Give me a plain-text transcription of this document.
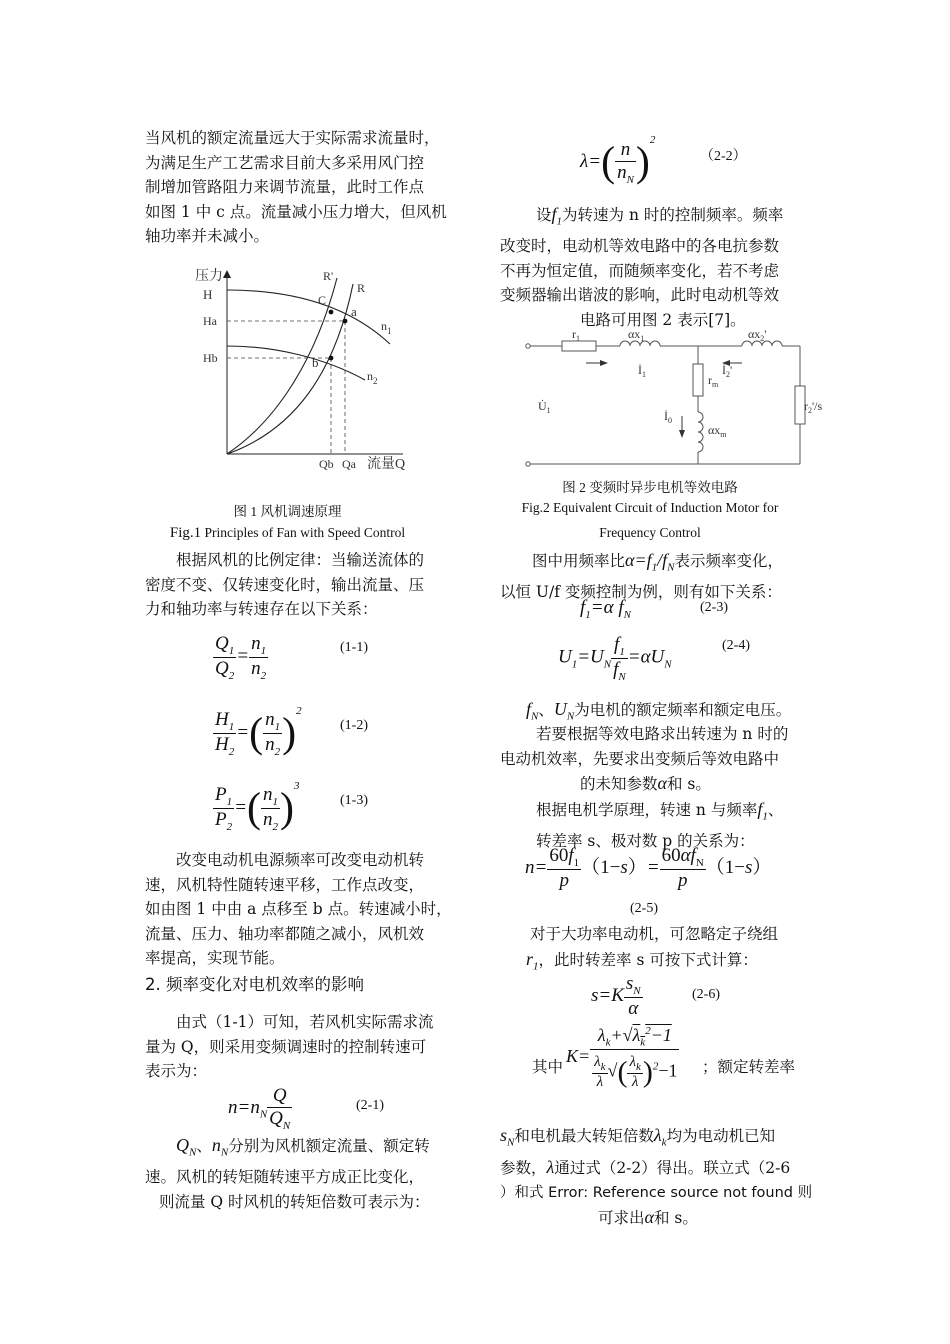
当风机的额定流量远大于实际需求流量时，
为满足生产工艺需求目前大多采用风门控
制增加管路阻力来调节流量，此时工作点
如图 1 中 c 点。流量减小压力增大，但风机
轴功率并未减小。
压力
H
Ha
Hb
R'
R
C
a
b
$n_1$
$n_2$
Qb Qa 流量Q
图 1 风机调速原理
Fig.1 Principles of Fan with Speed Control
根据风机的比例定律：当输送流体的
密度不变、仅转速变化时，输出流量、压
力和轴功率与转速存在以下关系：
$\frac{Q_1}{Q_2} = \frac{n_1}{n_2}$	(1-1)
$\frac{H_1}{H_2}$ =( $\frac{n_1}{n_2} )^2$
(1-2)
$\frac{P_1}{P_2}$ =( $\frac{n_1}{n_2} )^3$
(1-3)
改变电动机电源频率可改变电动机转
速，风机特性随转速平移，工作点改变，
如由图 1 中由 a 点移至 b 点。转速减小时，
流量、压力、轴功率都随之减小，风机效
率提高，实现节能。
2. 频率变化对电机效率的影响
由式（1-1）可知，若风机实际需求流
量为 Q，则采用变频调速时的控制转速可
表示为：
$n=n_N \frac{Q}{Q_N}$	(2-1)
$Q_N$、$n_N$分别为风机额定流量、额定转
速。风机的转矩随转速平方成正比变化，
则流量 Q 时风机的转矩倍数可表示为：
$\lambda=( \frac{n}{n_N} )^2$
（2-2）
设$f_1$为转速为 n 时的控制频率。频率
改变时，电动机等效电路中的各电抗参数
不再为恒定值，而随频率变化，若不考虑
变频器输出谐波的影响，此时电动机等效
电路可用图 2 表示[7]。
$r_1$	$\alpha x_1$	$\alpha x_2'$
$İ_1$	$İ_2'$
$r_m$
$U̇_1$	$İ_0$
$\alpha x_m$
$r_2'/s$
图 2 变频时异步电机等效电路
Fig.2 Equivalent Circuit of Induction Motor for
Frequency Control
图中用频率比$\alpha=f_1/f_N$表示频率变化，
以恒 U/f 变频控制为例，则有如下关系：
$f_1=\alpha$ $f_N$	(2-3)
$U_1=U_N \frac{f_1}{f_N} =\alpha U_N$
(2-4)
$f_N$、$U_N$为电机的额定频率和额定电压。
若要根据等效电路求出转速为 n 时的
电动机效率，先要求出变频后等效电路中
的未知参数α和 s。
根据电机学原理，转速 n 与频率$f_1$、
转差率 s、极对数 p 的关系为：
$n= \frac{60f_1}{p} (1-s)= \frac{60\alpha f_N}{p} (1-s)$
(2-5)
对于大功率电动机，可忽略定子绕组
$r_1$，此时转差率 s 可按下式计算：
$s=K \frac{s_N}{\alpha}$	(2-6)
其中
$K= \frac{\lambda_k+√\lambda_k^2-1}{\frac{\lambda_k}{\lambda} √( \frac{\lambda_k}{\lambda} )^2-1}$ ；额定转差率
$s_N$和电机最大转矩倍数$\lambda_k$均为电动机已知
参数，λ通过式（2-2）得出。联立式（2-6
）和式 Error: Reference source not found 则
可求出α和 s。
